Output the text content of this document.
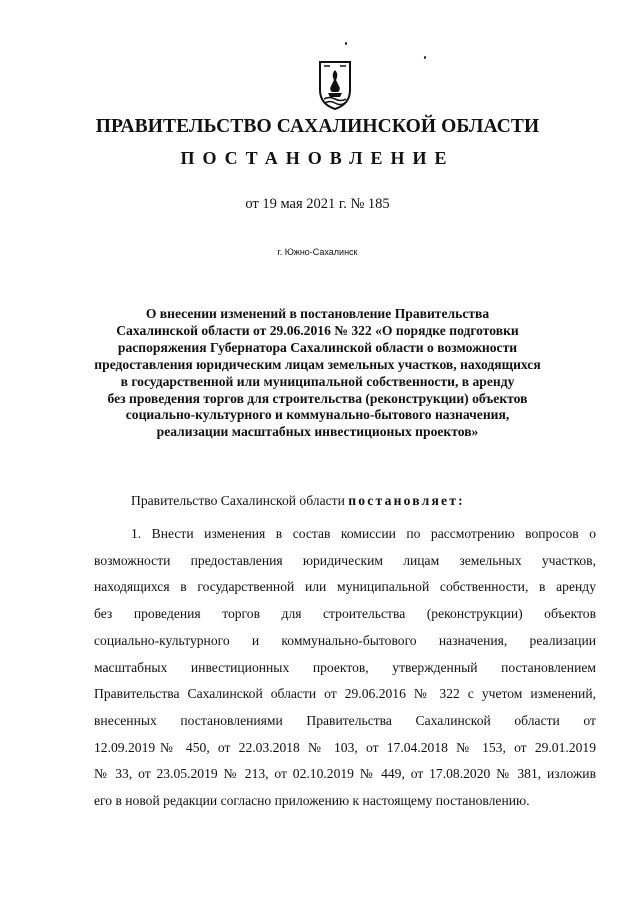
ПРАВИТЕЛЬСТВО САХАЛИНСКОЙ ОБЛАСТИ
ПОСТАНОВЛЕНИЕ

от 19 мая 2021 г. № 185

г. Южно-Сахалинск

О внесении изменений в постановление Правительства
Сахалинской области от 29.06.2016 № 322 «О порядке подготовки
распоряжения Губернатора Сахалинской области о возможности
предоставления юридическим лицам земельных участков, находящихся
в государственной или муниципальной собственности, в аренду
без проведения торгов для строительства (реконструкции) объектов
социально-культурного и коммунально-бытового назначения,
реализации масштабных инвестиционых проектов»

Правительство Сахалинской области постановляет:

1. Внести изменения в состав комиссии по рассмотрению вопросов о
возможности предоставления юридическим лицам земельных участков,
находящихся в государственной или муниципальной собственности, в аренду
без проведения торгов для строительства (реконструкции) объектов
социально-культурного и коммунально-бытового назначения, реализации
масштабных инвестиционных проектов, утвержденный постановлением
Правительства Сахалинской области от 29.06.2016 № 322 с учетом изменений,
внесенных постановлениями Правительства Сахалинской области от
12.09.2019№ 450, от 22.03.2018 № 103, от 17.04.2018 № 153, от 29.01.2019
№ 33, от 23.05.2019 № 213, от 02.10.2019 № 449, от 17.08.2020 № 381, изложив
его в новой редакции согласно приложению к настоящему постановлению.
